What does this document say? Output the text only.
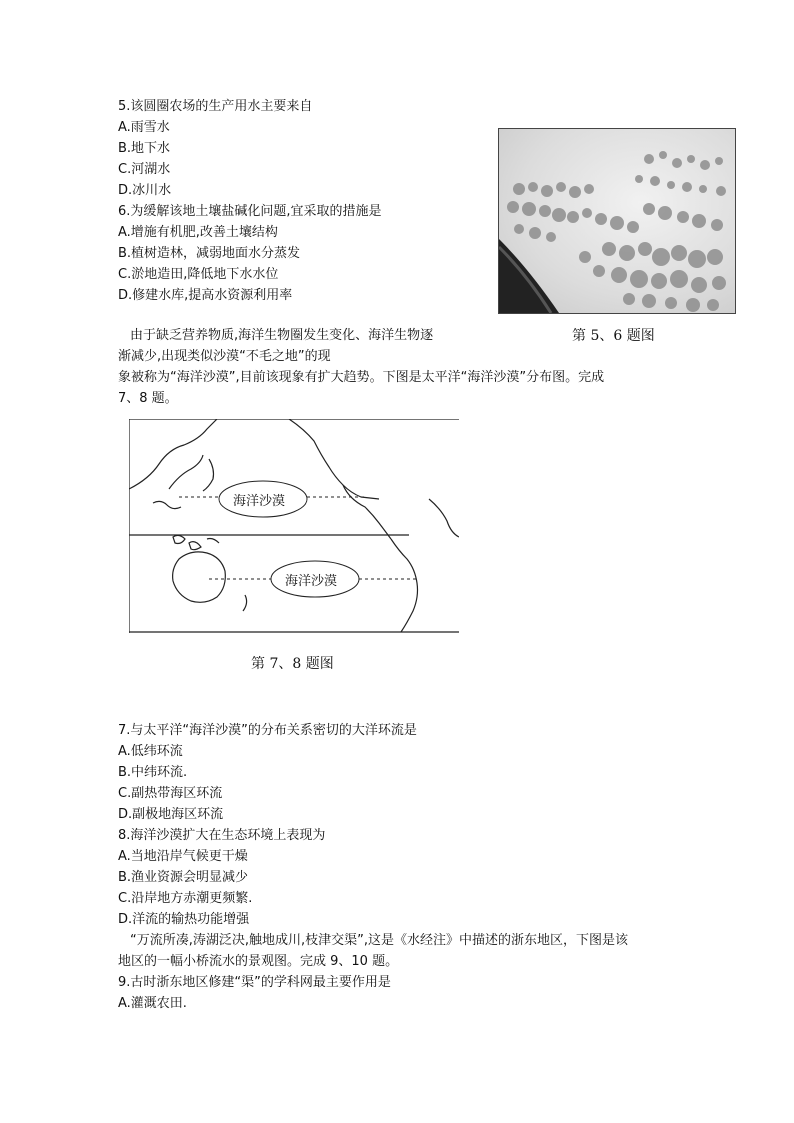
5.该圆圈农场的生产用水主要来自
A.雨雪水
B.地下水
C.河湖水
D.冰川水
6.为缓解该地土壤盐碱化问题,宜采取的措施是
A.增施有机肥,改善土壤结构
B.植树造林，减弱地面水分蒸发
C.淤地造田,降低地下水水位
D.修建水库,提高水资源利用率
第 5、6 题图
由于缺乏营养物质,海洋生物圈发生变化、海洋生物逐
渐减少,出现类似沙漠“不毛之地”的现
象被称为“海洋沙漠”,目前该现象有扩大趋势。下图是太平洋“海洋沙漠”分布图。完成
7、8 题。
海洋沙漠
海洋沙漠
第 7、8 题图
7.与太平洋“海洋沙漠”的分布关系密切的大洋环流是
A.低纬环流
B.中纬环流.
C.副热带海区环流
D.副极地海区环流
8.海洋沙漠扩大在生态环境上表现为
A.当地沿岸气候更干燥
B.渔业资源会明显减少
C.沿岸地方赤潮更频繁.
D.洋流的输热功能增强
“万流所凑,涛湖泛决,触地成川,枝津交渠”,这是《水经注》中描述的浙东地区，下图是该
地区的一幅小桥流水的景观图。完成 9、10 题。
9.古时浙东地区修建“渠”的学科网最主要作用是
A.灌溉农田.
